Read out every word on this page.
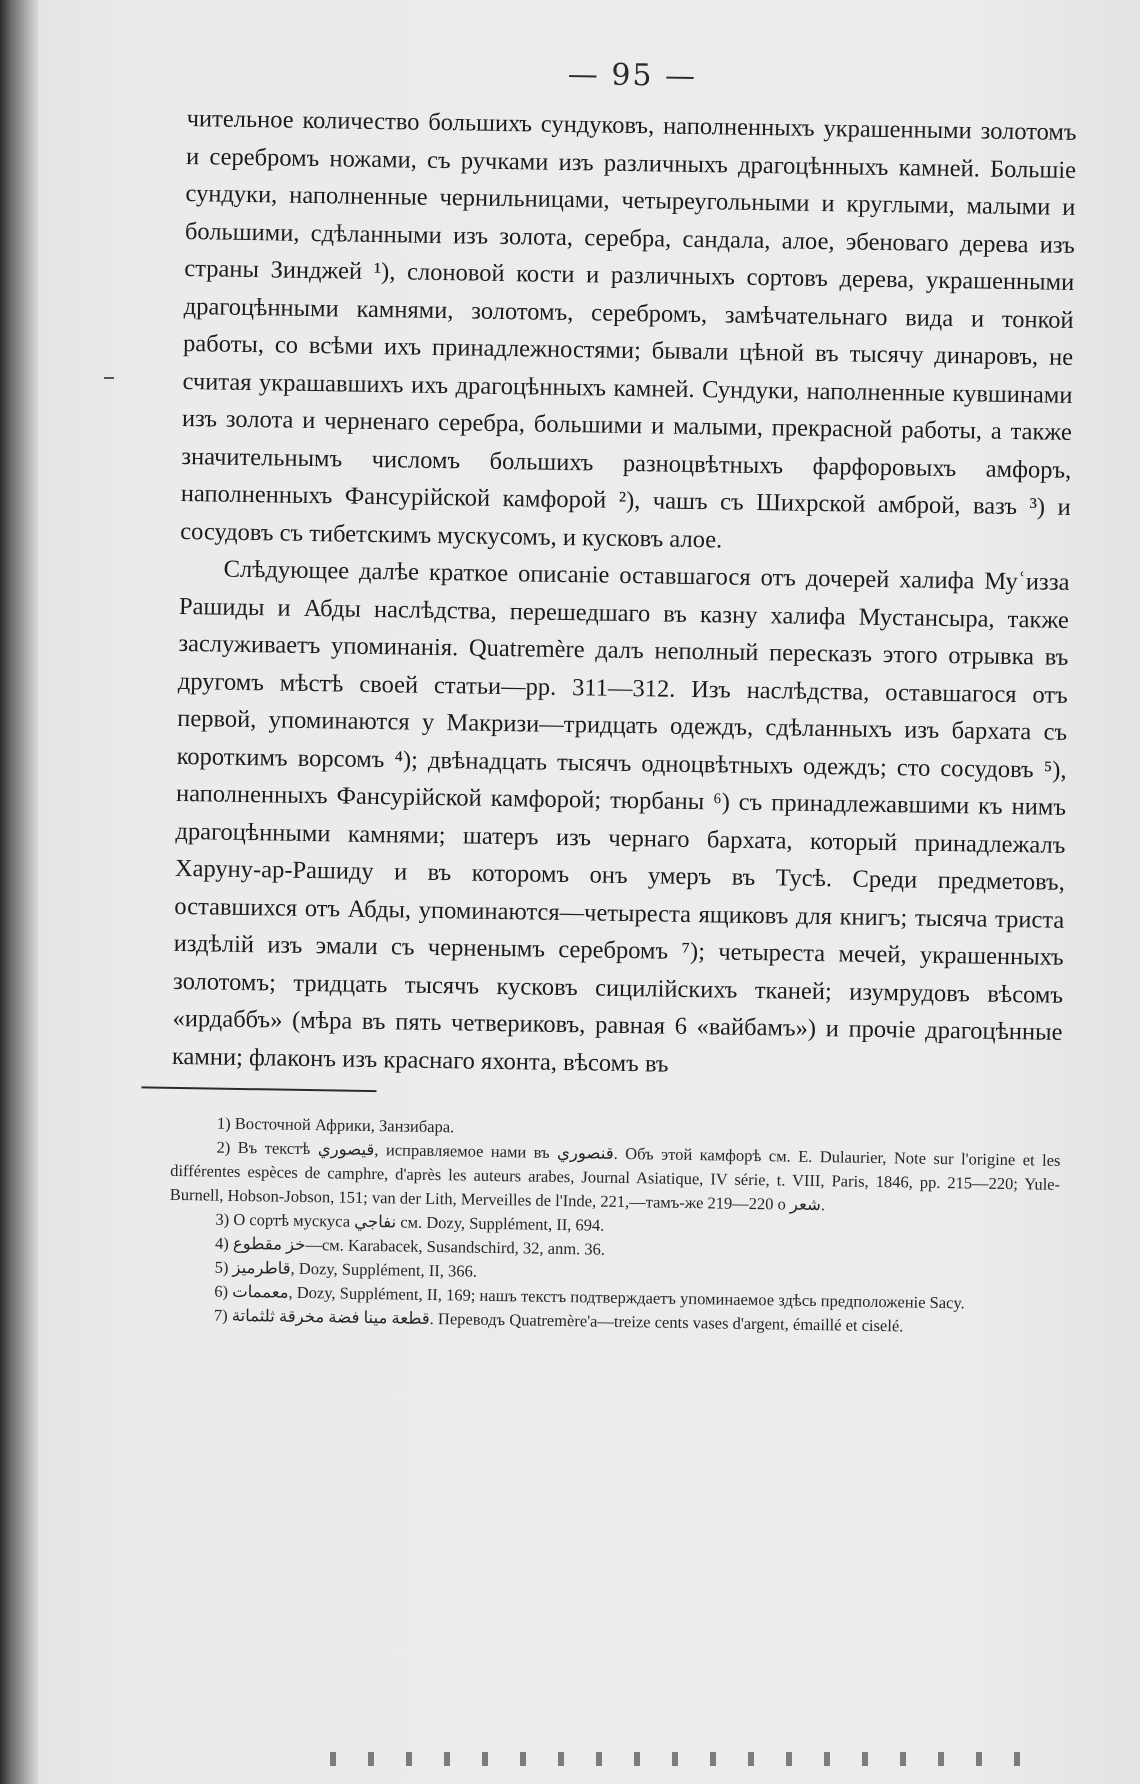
— 95 —

чительное количество большихъ сундуковъ, наполненныхъ украшенными золотомъ и серебромъ ножами, съ ручками изъ различныхъ драгоцѣнныхъ камней. Большіе сундуки, наполненные чернильницами, четыреугольными и круглыми, малыми и большими, сдѣланными изъ золота, серебра, сандала, алое, эбеноваго дерева изъ страны Зинджей ¹), слоновой кости и различныхъ сортовъ дерева, украшенными драгоцѣнными камнями, золотомъ, серебромъ, замѣчательнаго вида и тонкой работы, со всѣми ихъ принадлежностями; бывали цѣной въ тысячу динаровъ, не считая украшавшихъ ихъ драгоцѣнныхъ камней. Сундуки, наполненные кувшинами изъ золота и черненаго серебра, большими и малыми, прекрасной работы, а также значительнымъ числомъ большихъ разноцвѣтныхъ фарфоровыхъ амфоръ, наполненныхъ Фансурійской камфорой ²), чашъ съ Шихрской амброй, вазъ ³) и сосудовъ съ тибетскимъ мускусомъ, и кусковъ алое.

Слѣдующее далѣе краткое описаніе оставшагося отъ дочерей халифа Муʿизза Рашиды и Абды наслѣдства, перешедшаго въ казну халифа Мустансыра, также заслуживаетъ упоминанія. Quatremère далъ неполный пересказъ этого отрывка въ другомъ мѣстѣ своей статьи—pp. 311—312. Изъ наслѣдства, оставшагося отъ первой, упоминаются у Макризи—тридцать одеждъ, сдѣланныхъ изъ бархата съ короткимъ ворсомъ ⁴); двѣнадцать тысячъ одноцвѣтныхъ одеждъ; сто сосудовъ ⁵), наполненныхъ Фансурійской камфорой; тюрбаны ⁶) съ принадлежавшими къ нимъ драгоцѣнными камнями; шатеръ изъ чернаго бархата, который принадлежалъ Харуну-ар-Рашиду и въ которомъ онъ умеръ въ Тусѣ. Среди предметовъ, оставшихся отъ Абды, упоминаются—четыреста ящиковъ для книгъ; тысяча триста издѣлій изъ эмали съ черненымъ серебромъ ⁷); четыреста мечей, украшенныхъ золотомъ; тридцать тысячъ кусковъ сицилійскихъ тканей; изумрудовъ вѣсомъ «ирдаббъ» (мѣра въ пять четвериковъ, равная 6 «вайбамъ») и прочіе драгоцѣнные камни; флаконъ изъ краснаго яхонта, вѣсомъ въ

1) Восточной Африки, Занзибара.

2) Въ текстѣ قيصوري, исправляемое нами въ قنصوري. Объ этой камфорѣ см. E. Dulaurier, Note sur l'origine et les différentes espèces de camphre, d'après les auteurs arabes, Journal Asiatique, IV série, t. VIII, Paris, 1846, pp. 215—220; Yule-Burnell, Hobson-Jobson, 151; van der Lith, Merveilles de l'Inde, 221,—тамъ-же 219—220 о شعر.

3) О сортѣ мускуса نفاجي см. Dozy, Supplément, II, 694.

4) خز مقطوع—см. Karabacek, Susandschird, 32, anm. 36.

5) قاطرميز, Dozy, Supplément, II, 366.

6) معممات, Dozy, Supplément, II, 169; нашъ текстъ подтверждаетъ упоминаемое здѣсь предположеніе Sacy.

7) قطعة مينا فضة مخرقة ثلثماتة. Переводъ Quatremère'a—treize cents vases d'argent, émaillé et ciselé.
